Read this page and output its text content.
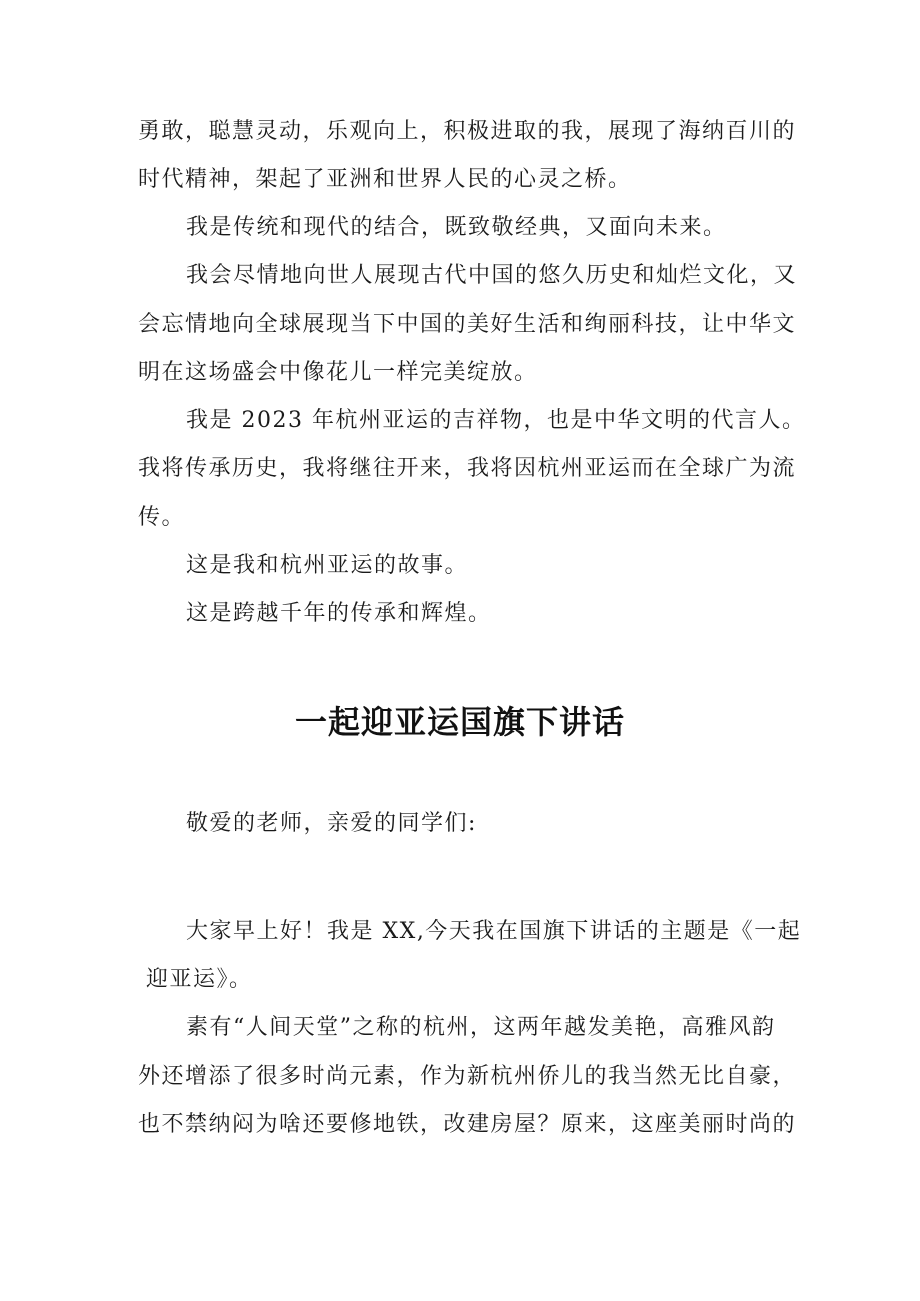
勇敢，聪慧灵动，乐观向上，积极进取的我，展现了海纳百川的
时代精神，架起了亚洲和世界人民的心灵之桥。
我是传统和现代的结合，既致敬经典，又面向未来。
我会尽情地向世人展现古代中国的悠久历史和灿烂文化，又
会忘情地向全球展现当下中国的美好生活和绚丽科技，让中华文
明在这场盛会中像花儿一样完美绽放。
我是 2023 年杭州亚运的吉祥物，也是中华文明的代言人。
我将传承历史，我将继往开来，我将因杭州亚运而在全球广为流
传。
这是我和杭州亚运的故事。
这是跨越千年的传承和辉煌。
一起迎亚运国旗下讲话
敬爱的老师，亲爱的同学们:
大家早上好！我是 XX,今天我在国旗下讲话的主题是《一起
迎亚运》。
素有“人间天堂”之称的杭州，这两年越发美艳，高雅风韵
外还增添了很多时尚元素，作为新杭州侨儿的我当然无比自豪，
也不禁纳闷为啥还要修地铁，改建房屋？原来，这座美丽时尚的
